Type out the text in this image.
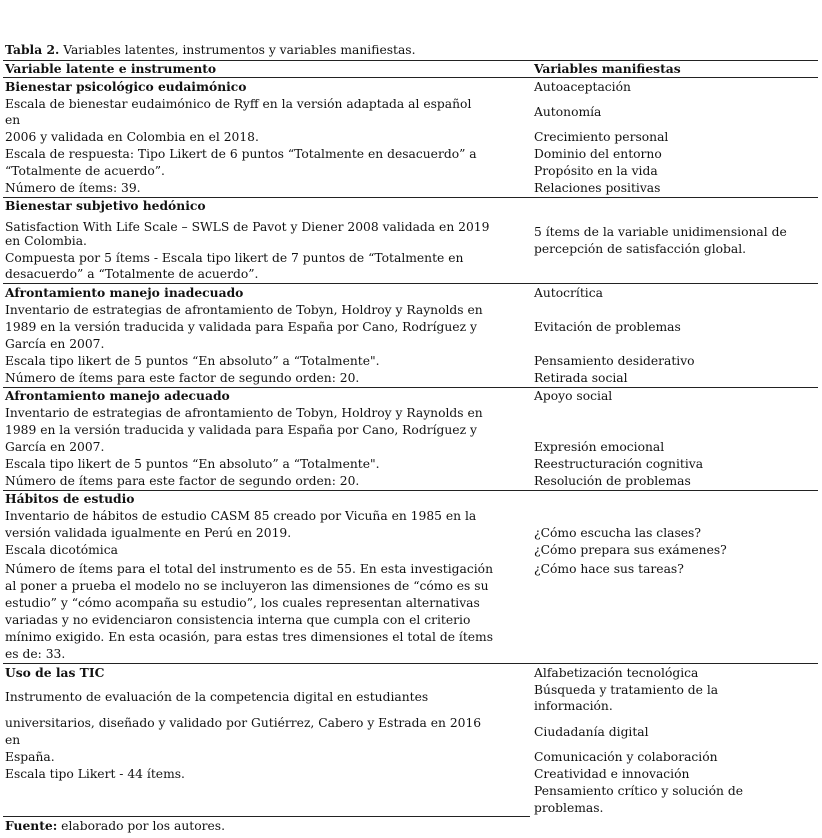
Tabla 2. Variables latentes, instrumentos y variables manifiestas.
Variable latente e instrumento	Variables manifiestas
Bienestar psicológico eudaimónico
Escala de bienestar eudaimónico de Ryff en la versión adaptada al español
en
2006 y validada en Colombia en el 2018.
Escala de respuesta: Tipo Likert de 6 puntos “Totalmente en desacuerdo” a
“Totalmente de acuerdo”.
Número de ítems: 39.
Autoaceptación
Autonomía
Crecimiento personal
Dominio del entorno
Propósito en la vida
Relaciones positivas
Bienestar subjetivo hedónico
Satisfaction With Life Scale – SWLS de Pavot y Diener 2008 validada en 2019
en Colombia.
Compuesta por 5 ítems - Escala tipo likert de 7 puntos de “Totalmente en
desacuerdo” a “Totalmente de acuerdo”.
5 ítems de la variable unidimensional de
percepción de satisfacción global.
Afrontamiento manejo inadecuado
Inventario de estrategias de afrontamiento de Tobyn, Holdroy y Raynolds en
1989 en la versión traducida y validada para España por Cano, Rodríguez y
García en 2007.
Escala tipo likert de 5 puntos “En absoluto” a “Totalmente".
Número de ítems para este factor de segundo orden: 20.
Autocrítica
Evitación de problemas
Pensamiento desiderativo
Retirada social
Afrontamiento manejo adecuado
Inventario de estrategias de afrontamiento de Tobyn, Holdroy y Raynolds en
1989 en la versión traducida y validada para España por Cano, Rodríguez y
García en 2007.
Escala tipo likert de 5 puntos “En absoluto” a “Totalmente".
Número de ítems para este factor de segundo orden: 20.
Apoyo social
Expresión emocional
Reestructuración cognitiva
Resolución de problemas
Hábitos de estudio
Inventario de hábitos de estudio CASM 85 creado por Vicuña en 1985 en la
versión validada igualmente en Perú en 2019.
Escala dicotómica
Número de ítems para el total del instrumento es de 55. En esta investigación
al poner a prueba el modelo no se incluyeron las dimensiones de “cómo es su
estudio” y “cómo acompaña su estudio”, los cuales representan alternativas
variadas y no evidenciaron consistencia interna que cumpla con el criterio
mínimo exigido. En esta ocasión, para estas tres dimensiones el total de ítems
es de: 33.
¿Cómo escucha las clases?
¿Cómo prepara sus exámenes?
¿Cómo hace sus tareas?
Uso de las TIC
Instrumento de evaluación de la competencia digital en estudiantes
universitarios, diseñado y validado por Gutiérrez, Cabero y Estrada en 2016
en
España.
Escala tipo Likert - 44 ítems.
Alfabetización tecnológica
Búsqueda y tratamiento de la
información.
Ciudadanía digital
Comunicación y colaboración
Creatividad e innovación
Pensamiento crítico y solución de
problemas.
Fuente: elaborado por los autores.
